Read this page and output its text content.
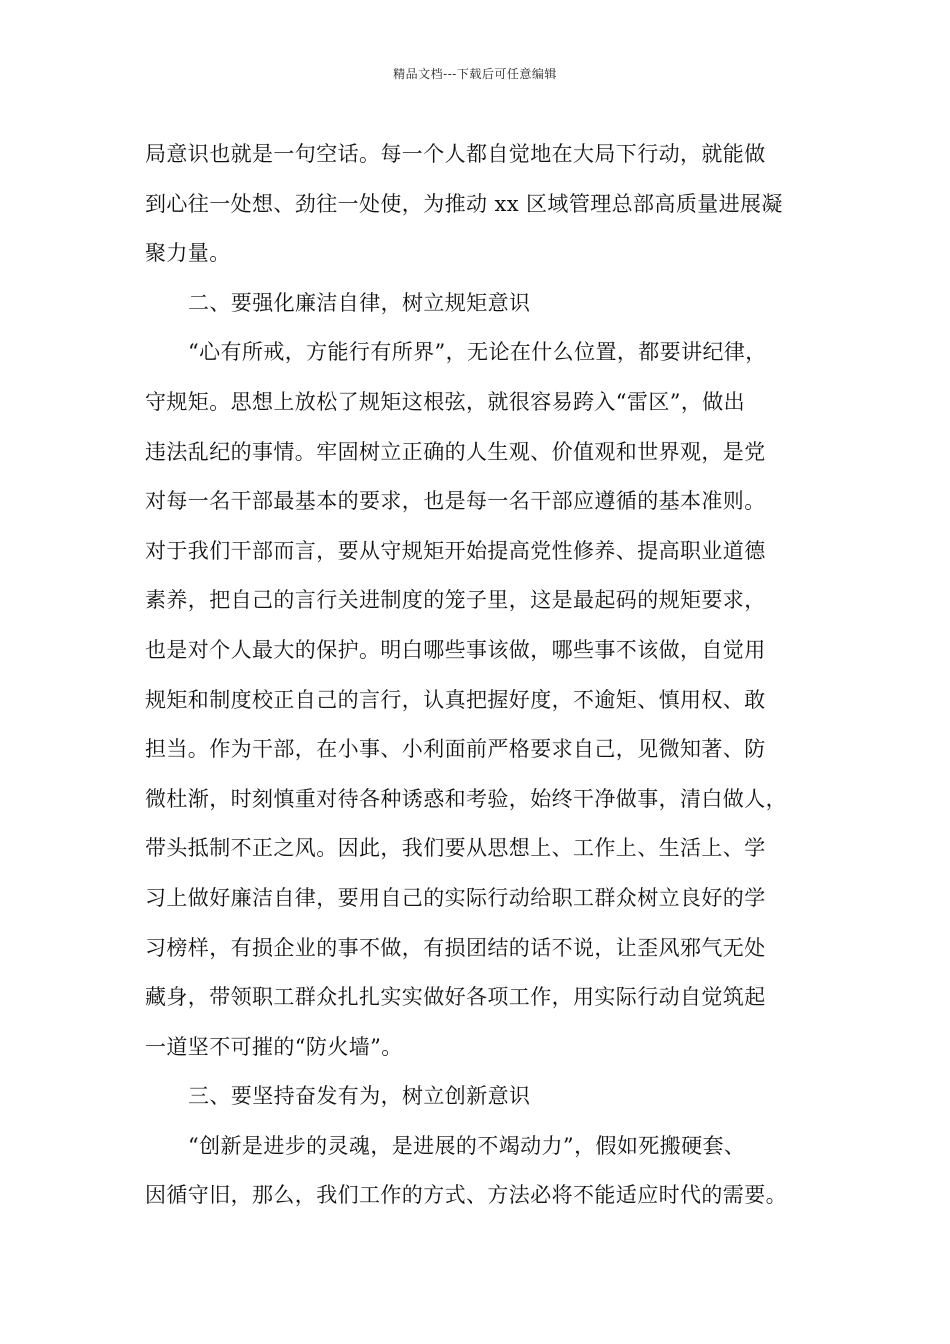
精品文档---下载后可任意编辑
局意识也就是一句空话。每一个人都自觉地在大局下行动，就能做
到心往一处想、劲往一处使，为推动 xx 区域管理总部高质量进展凝
聚力量。
二、要强化廉洁自律，树立规矩意识
“心有所戒，方能行有所界”，无论在什么位置，都要讲纪律，
守规矩。思想上放松了规矩这根弦，就很容易跨入“雷区”，做出
违法乱纪的事情。牢固树立正确的人生观、价值观和世界观，是党
对每一名干部最基本的要求，也是每一名干部应遵循的基本准则。
对于我们干部而言，要从守规矩开始提高党性修养、提高职业道德
素养，把自己的言行关进制度的笼子里，这是最起码的规矩要求，
也是对个人最大的保护。明白哪些事该做，哪些事不该做，自觉用
规矩和制度校正自己的言行，认真把握好度，不逾矩、慎用权、敢
担当。作为干部，在小事、小利面前严格要求自己，见微知著、防
微杜渐，时刻慎重对待各种诱惑和考验，始终干净做事，清白做人，
带头抵制不正之风。因此，我们要从思想上、工作上、生活上、学
习上做好廉洁自律，要用自己的实际行动给职工群众树立良好的学
习榜样，有损企业的事不做，有损团结的话不说，让歪风邪气无处
藏身，带领职工群众扎扎实实做好各项工作，用实际行动自觉筑起
一道坚不可摧的“防火墙”。
三、要坚持奋发有为，树立创新意识
“创新是进步的灵魂，是进展的不竭动力”，假如死搬硬套、
因循守旧，那么，我们工作的方式、方法必将不能适应时代的需要。
